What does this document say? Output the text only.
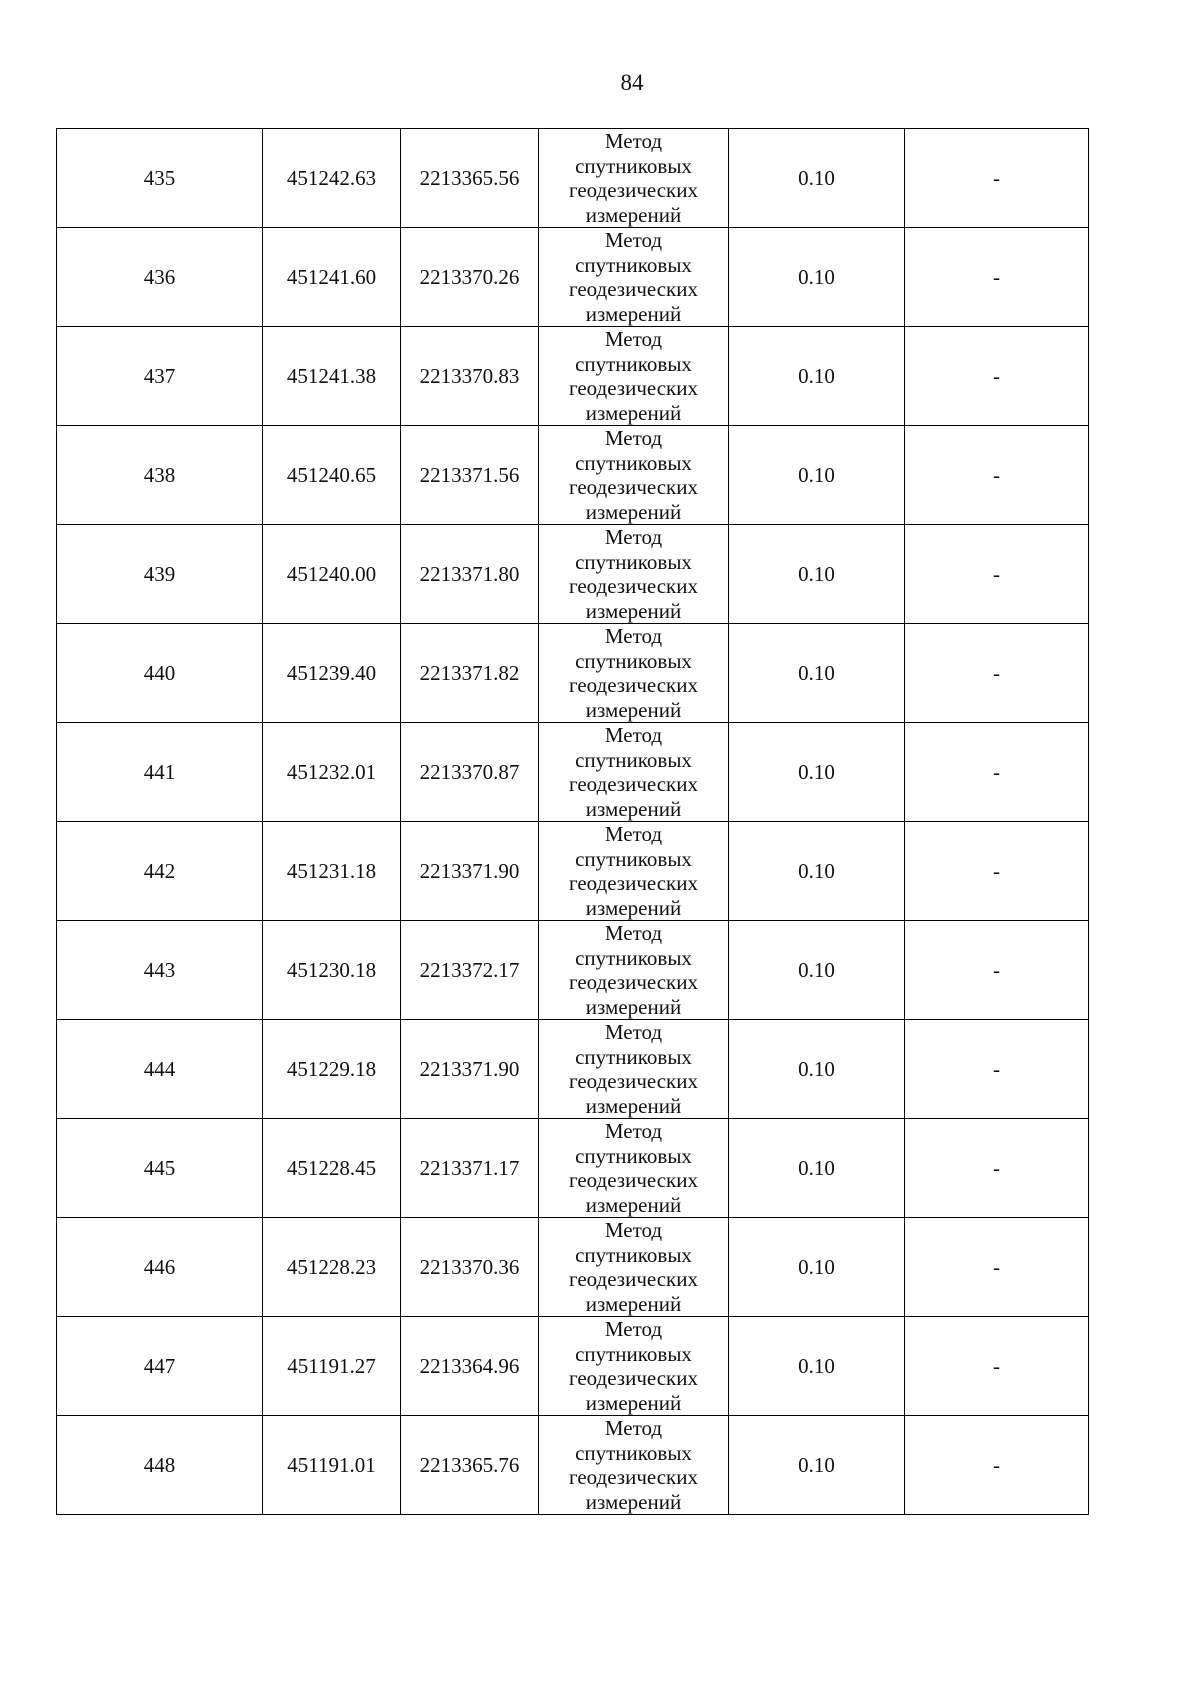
84
435	451242.63	2213365.56	Метод
спутниковых
геодезических
измерений	0.10	-
436	451241.60	2213370.26	Метод
спутниковых
геодезических
измерений	0.10	-
437	451241.38	2213370.83	Метод
спутниковых
геодезических
измерений	0.10	-
438	451240.65	2213371.56	Метод
спутниковых
геодезических
измерений	0.10	-
439	451240.00	2213371.80	Метод
спутниковых
геодезических
измерений	0.10	-
440	451239.40	2213371.82	Метод
спутниковых
геодезических
измерений	0.10	-
441	451232.01	2213370.87	Метод
спутниковых
геодезических
измерений	0.10	-
442	451231.18	2213371.90	Метод
спутниковых
геодезических
измерений	0.10	-
443	451230.18	2213372.17	Метод
спутниковых
геодезических
измерений	0.10	-
444	451229.18	2213371.90	Метод
спутниковых
геодезических
измерений	0.10	-
445	451228.45	2213371.17	Метод
спутниковых
геодезических
измерений	0.10	-
446	451228.23	2213370.36	Метод
спутниковых
геодезических
измерений	0.10	-
447	451191.27	2213364.96	Метод
спутниковых
геодезических
измерений	0.10	-
448	451191.01	2213365.76	Метод
спутниковых
геодезических
измерений	0.10	-
